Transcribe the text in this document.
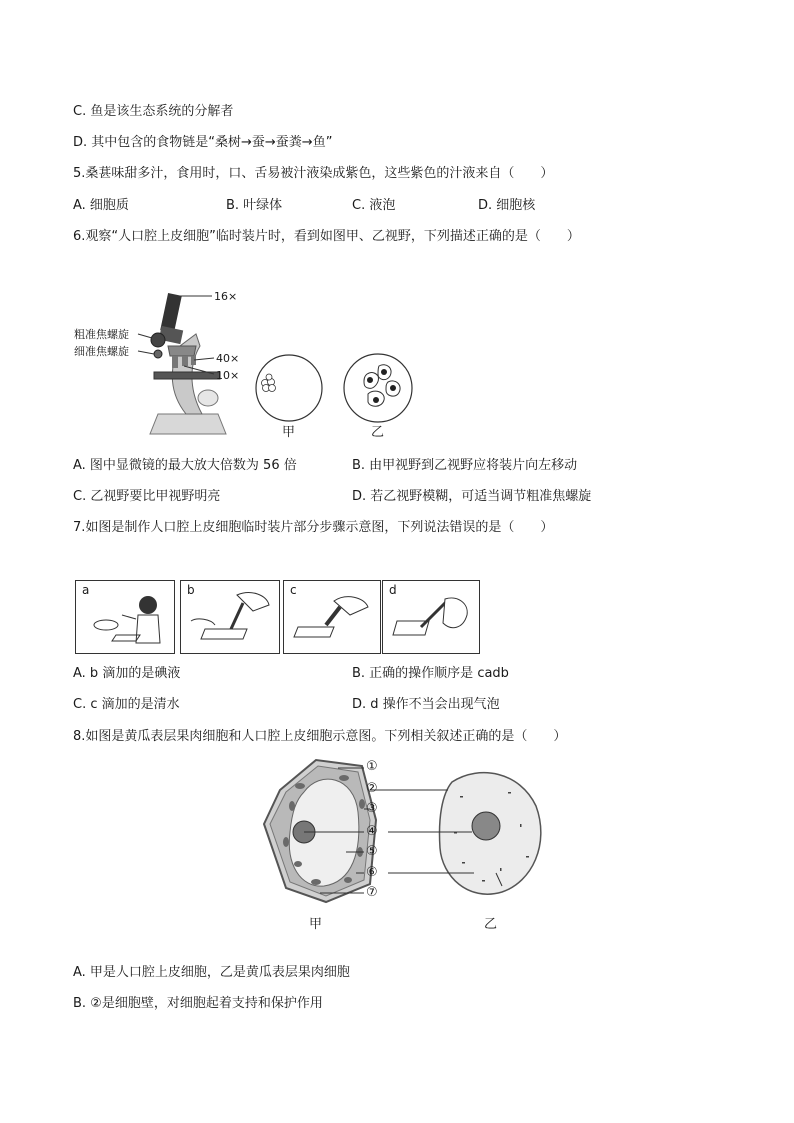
C. 鱼是该生态系统的分解者
D. 其中包含的食物链是“桑树→蚕→蚕粪→鱼”
5.桑葚味甜多汁，食用时，口、舌易被汁液染成紫色，这些紫色的汁液来自（　　）
A. 细胞质	B. 叶绿体	C. 液泡	D. 细胞核
6.观察“人口腔上皮细胞”临时装片时，看到如图甲、乙视野，下列描述正确的是（　　）
16×
粗准焦螺旋
细准焦螺旋
40×
10×
甲	乙
A. 图中显微镜的最大放大倍数为 56 倍	B. 由甲视野到乙视野应将装片向左移动
C. 乙视野要比甲视野明亮	D. 若乙视野模糊，可适当调节粗准焦螺旋
7.如图是制作人口腔上皮细胞临时装片部分步骤示意图，下列说法错误的是（　　）
a	b	c	d
A. b 滴加的是碘液	B. 正确的操作顺序是 cadb
C. c 滴加的是清水	D. d 操作不当会出现气泡
8.如图是黄瓜表层果肉细胞和人口腔上皮细胞示意图。下列相关叙述正确的是（　　）
①
②
③
④
⑤
⑥
⑦
甲	乙
A. 甲是人口腔上皮细胞，乙是黄瓜表层果肉细胞
B. ②是细胞壁，对细胞起着支持和保护作用
